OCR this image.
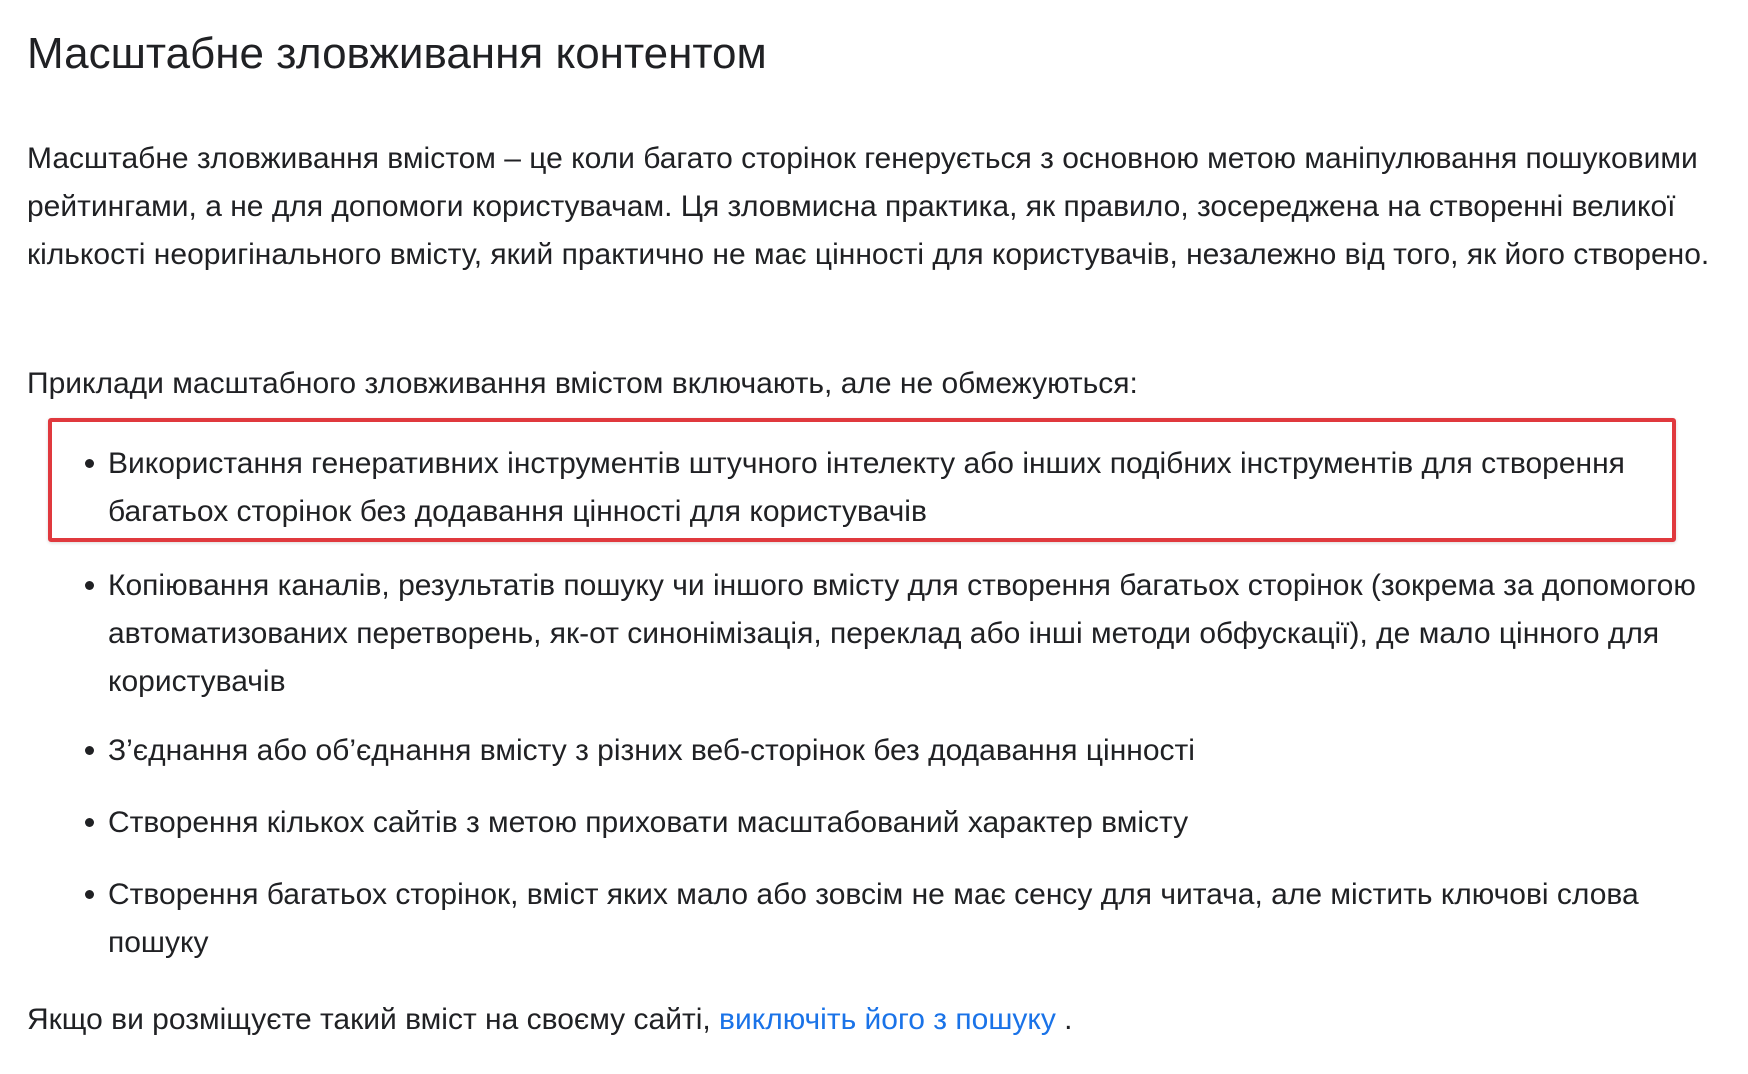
Масштабне зловживання контентом

Масштабне зловживання вмістом – це коли багато сторінок генерується з основною метою маніпулювання пошуковими рейтингами, а не для допомоги користувачам. Ця зловмисна практика, як правило, зосереджена на створенні великої кількості неоригінального вмісту, який практично не має цінності для користувачів, незалежно від того, як його створено.

Приклади масштабного зловживання вмістом включають, але не обмежуються:

Використання генеративних інструментів штучного інтелекту або інших подібних інструментів для створення багатьох сторінок без додавання цінності для користувачів
Копіювання каналів, результатів пошуку чи іншого вмісту для створення багатьох сторінок (зокрема за допомогою автоматизованих перетворень, як-от синонімізація, переклад або інші методи обфускації), де мало цінного для користувачів
З’єднання або об’єднання вмісту з різних веб-сторінок без додавання цінності
Створення кількох сайтів з метою приховати масштабований характер вмісту
Створення багатьох сторінок, вміст яких мало або зовсім не має сенсу для читача, але містить ключові слова пошуку

Якщо ви розміщуєте такий вміст на своєму сайті, виключіть його з пошуку .
